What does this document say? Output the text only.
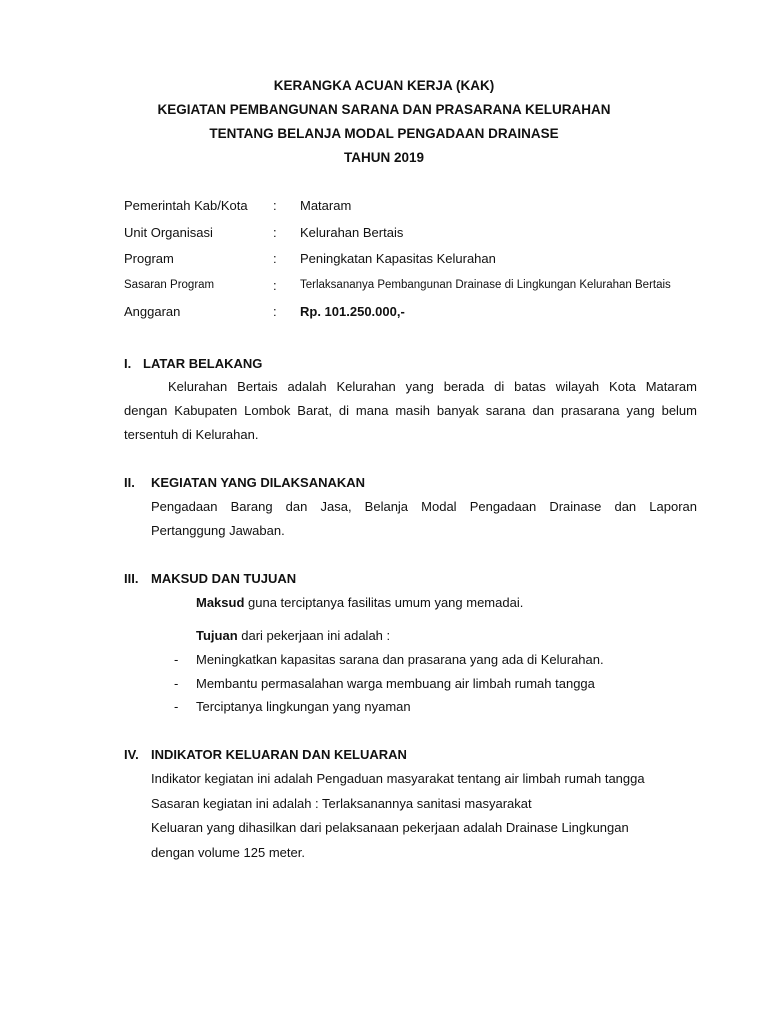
KERANGKA ACUAN KERJA (KAK)
KEGIATAN PEMBANGUNAN SARANA DAN PRASARANA KELURAHAN
TENTANG BELANJA MODAL PENGADAAN DRAINASE
TAHUN 2019
Pemerintah Kab/Kota : Mataram
Unit Organisasi	: Kelurahan Bertais
Program	: Peningkatan Kapasitas Kelurahan
Sasaran Program	: Terlaksananya Pembangunan Drainase di Lingkungan Kelurahan Bertais
Anggaran	: Rp. 101.250.000,-
I. LATAR BELAKANG
Kelurahan Bertais adalah Kelurahan yang berada di batas wilayah Kota Mataram
dengan Kabupaten Lombok Barat, di mana masih banyak sarana dan prasarana yang belum
tersentuh di Kelurahan.
II. KEGIATAN YANG DILAKSANAKAN
Pengadaan Barang dan Jasa, Belanja Modal Pengadaan Drainase dan Laporan
Pertanggung Jawaban.
III. MAKSUD DAN TUJUAN
Maksud guna terciptanya fasilitas umum yang memadai.
Tujuan dari pekerjaan ini adalah :
- Meningkatkan kapasitas sarana dan prasarana yang ada di Kelurahan.
- Membantu permasalahan warga membuang air limbah rumah tangga
- Terciptanya lingkungan yang nyaman
IV. INDIKATOR KELUARAN DAN KELUARAN
Indikator kegiatan ini adalah Pengaduan masyarakat tentang air limbah rumah tangga
Sasaran kegiatan ini adalah : Terlaksanannya sanitasi masyarakat
Keluaran yang dihasilkan dari pelaksanaan pekerjaan adalah Drainase Lingkungan
dengan volume 125 meter.
